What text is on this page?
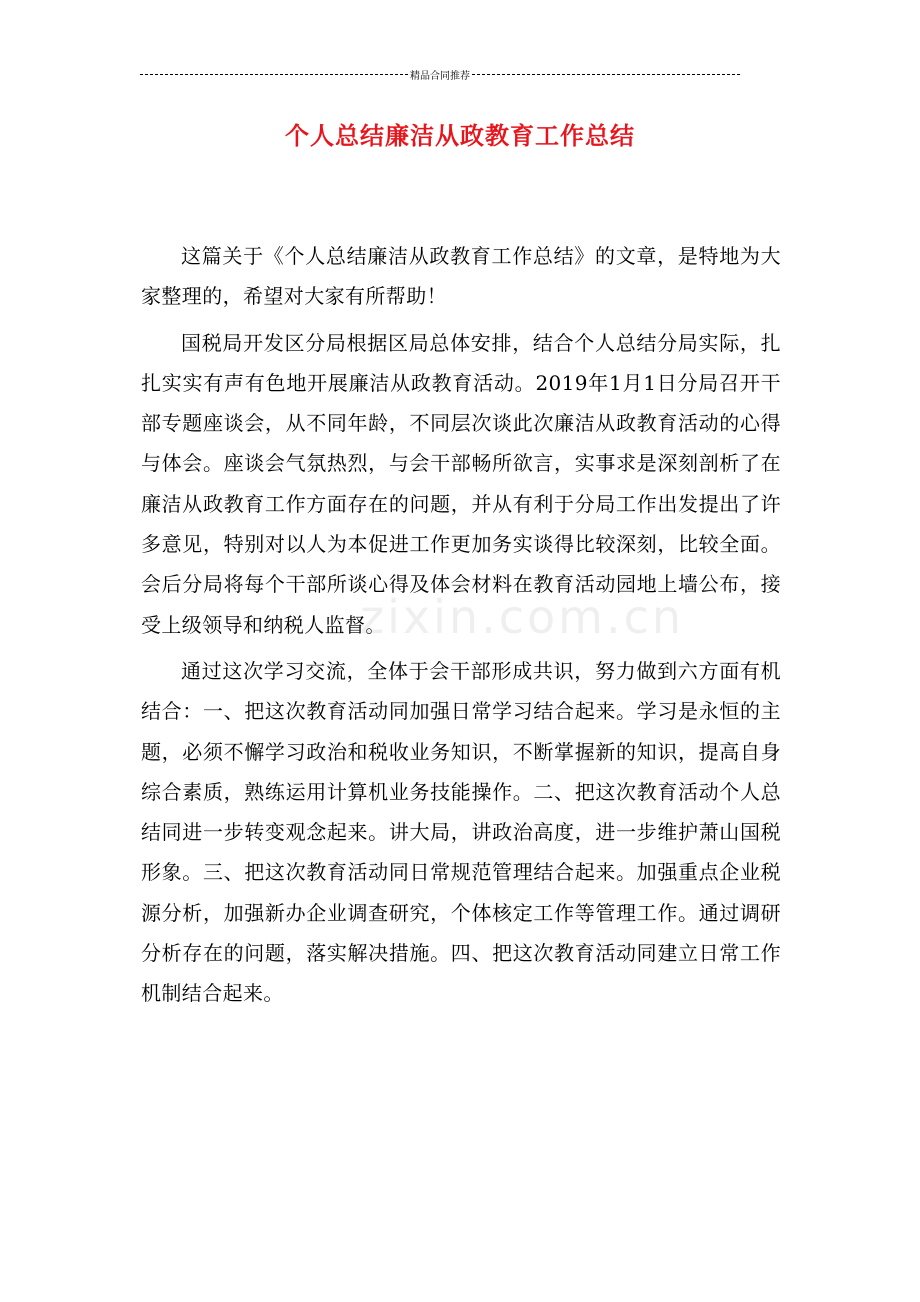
精品合同推荐
个人总结廉洁从政教育工作总结

这篇关于《个人总结廉洁从政教育工作总结》的文章，是特地为大家整理的，希望对大家有所帮助！

国税局开发区分局根据区局总体安排，结合个人总结分局实际，扎扎实实有声有色地开展廉洁从政教育活动。2019年1月1日分局召开干部专题座谈会，从不同年龄，不同层次谈此次廉洁从政教育活动的心得与体会。座谈会气氛热烈，与会干部畅所欲言，实事求是深刻剖析了在廉洁从政教育工作方面存在的问题，并从有利于分局工作出发提出了许多意见，特别对以人为本促进工作更加务实谈得比较深刻，比较全面。会后分局将每个干部所谈心得及体会材料在教育活动园地上墙公布，接受上级领导和纳税人监督。

通过这次学习交流，全体于会干部形成共识，努力做到六方面有机结合：一、把这次教育活动同加强日常学习结合起来。学习是永恒的主题，必须不懈学习政治和税收业务知识，不断掌握新的知识，提高自身综合素质，熟练运用计算机业务技能操作。二、把这次教育活动个人总结同进一步转变观念起来。讲大局，讲政治高度，进一步维护萧山国税形象。三、把这次教育活动同日常规范管理结合起来。加强重点企业税源分析，加强新办企业调查研究，个体核定工作等管理工作。通过调研分析存在的问题，落实解决措施。四、把这次教育活动同建立日常工作机制结合起来。

zixin.com.cn
